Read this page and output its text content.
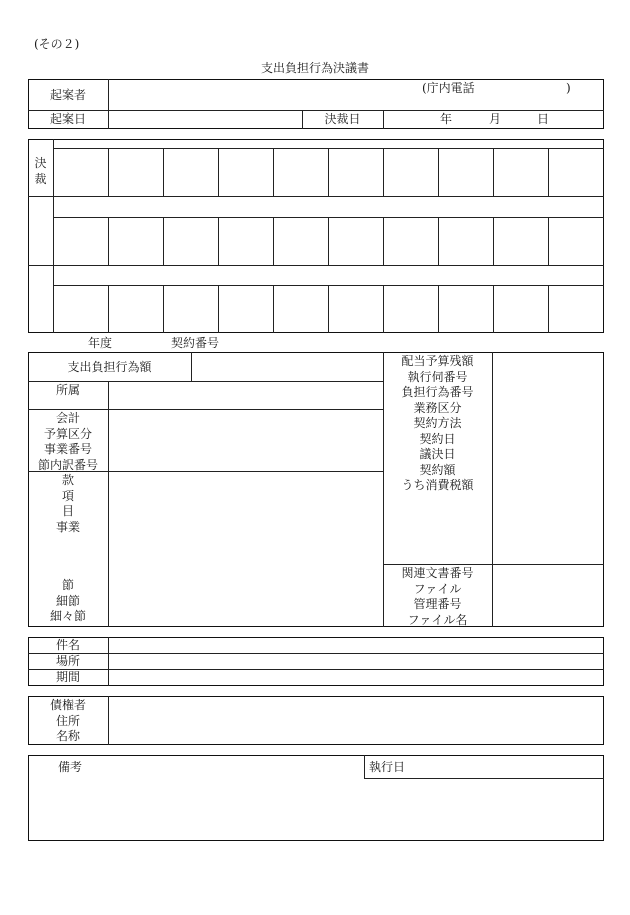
(その２)
支出負担行為決議書
起案者	(庁内電話	)
起案日	決裁日	年	月	日
決
裁
年度	契約番号
支出負担行為額
所属
会計
予算区分
事業番号
節内訳番号
款
項
目
事業
節
細節
細々節
配当予算残額
執行伺番号
負担行為番号
業務区分
契約方法
契約日
議決日
契約額
うち消費税額
関連文書番号
ファイル
管理番号
ファイル名
件名
場所
期間
債権者
住所
名称
備考	執行日
